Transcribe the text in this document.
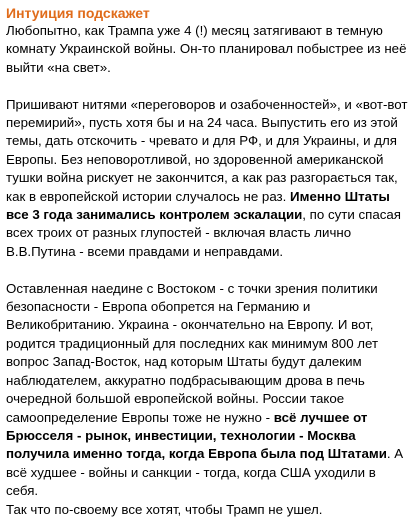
Интуиция подскажет

Любопытно, как Трампа уже 4 (!) месяц затягивают в темную комнату Украинской войны. Он-то планировал побыстрее из неё выйти «на свет».

Пришивают нитями «переговоров и озабоченностей», и «вот-вот перемирий», пусть хотя бы и на 24 часа. Выпустить его из этой темы, дать отскочить - чревато и для РФ, и для Украины, и для Европы. Без неповоротливой, но здоровенной американской тушки война рискует не закончится, а как раз разгорається так, как в европейской истории случалось не раз. Именно Штаты все 3 года занимались контролем эскалации, по сути спасая всех троих от разных глупостей - включая власть лично В.В.Путина - всеми правдами и неправдами.

Оставленная наедине с Востоком - с точки зрения политики безопасности - Европа обопрется на Германию и Великобританию. Украина - окончательно на Европу. И вот, родится традиционный для последних как минимум 800 лет вопрос Запад-Восток, над которым Штаты будут далеким наблюдателем, аккуратно подбрасывающим дрова в печь очередной большой европейской войны. России такое самоопределение Европы тоже не нужно - всё лучшее от Брюсселя - рынок, инвестиции, технологии - Москва получила именно тогда, когда Европа была под Штатами. А всё худшее - войны и санкции - тогда, когда США уходили в себя.

Так что по-своему все хотят, чтобы Трамп не ушел.
